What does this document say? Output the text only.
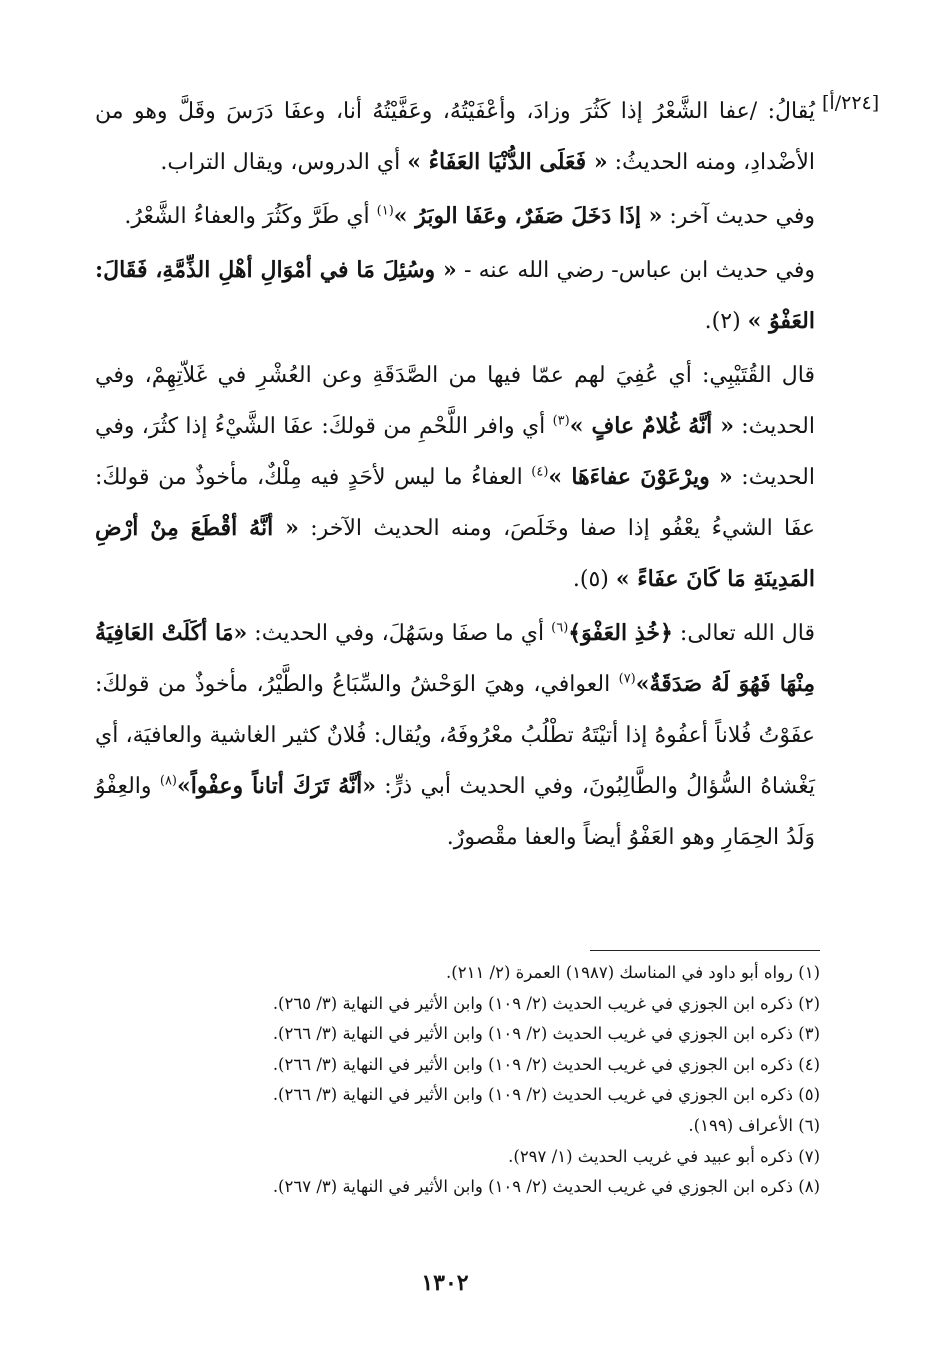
[٢٢٤/أ]

يُقالُ: /عفا الشَّعْرُ إذا كَثُرَ وزادَ، وأعْفَيْتُهُ، وعَفَّيْتُهُ أنا، وعفَا دَرَسَ وقَلَّ وهو من الأضْدادِ، ومنه الحديثُ: « فَعَلَى الدُّنْيَا العَفَاءُ » أي الدروس، ويقال التراب.

وفي حديث آخر: « إذَا دَخَلَ صَفَرٌ، وعَفَا الوبَرُ »$^{(١)}$ أي طَرَّ وكَثُرَ والعفاءُ الشَّعْرُ.

وفي حديث ابن عباس- رضي الله عنه - « وسُئِلَ مَا في أمْوَالِ أهْلِ الذِّمَّةِ، فَقَالَ: العَفْوُ » (٢).

قال القُتَيْبِي: أي عُفِيَ لهم عمّا فيها من الصَّدَقَةِ وعن العُشْرِ في غَلاّتِهِمْ، وفي الحديث: « أنَّهُ غُلامٌ عافٍ »$^{(٣)}$ أي وافر اللَّحْمِ من قولكَ: عفَا الشَّيْءُ إذا كثُرَ، وفي الحديث: « ويرْعَوْنَ عفاءَهَا »$^{(٤)}$ العفاءُ ما ليس لأحَدٍ فيه مِلْكٌ، مأخوذٌ من قولكَ: عفَا الشيءُ يعْفُو إذا صفا وخَلَصَ، ومنه الحديث الآخر: « أنَّهُ أقْطَعَ مِنْ أرْضِ المَدِينَةِ مَا كَانَ عفَاءً » (٥).

قال الله تعالى: ﴿خُذِ العَفْوَ﴾$^{(٦)}$ أي ما صفَا وسَهُلَ، وفي الحديث: «مَا أكَلَتْ العَافِيَةُ مِنْهَا فَهُوَ لَهُ صَدَقَةٌ»$^{(٧)}$ العوافي، وهيَ الوَحْشُ والسِّبَاعُ والطَّيْرُ، مأخوذٌ من قولكَ: عفَوْتُ فُلاناً أعفُوهُ إذا أتيْتَهُ تطْلُبُ معْرُوفَهُ، ويُقال: فُلانٌ كثير الغاشية والعافيَة، أي يَغْشاهُ السُّؤالُ والطَّالِبُونَ، وفي الحديث أبي ذرٍّ: «أنَّهُ تَرَكَ أتاناً وعفْواً»$^{(٨)}$ والعِفْوُ وَلَدُ الحِمَارِ وهو العَفْوُ أيضاً والعفا مقْصورٌ.

(١) رواه أبو داود في المناسك (١٩٨٧) العمرة (٢/ ٢١١).
(٢) ذكره ابن الجوزي في غريب الحديث (٢/ ١٠٩) وابن الأثير في النهاية (٣/ ٢٦٥).
(٣) ذكره ابن الجوزي في غريب الحديث (٢/ ١٠٩) وابن الأثير في النهاية (٣/ ٢٦٦).
(٤) ذكره ابن الجوزي في غريب الحديث (٢/ ١٠٩) وابن الأثير في النهاية (٣/ ٢٦٦).
(٥) ذكره ابن الجوزي في غريب الحديث (٢/ ١٠٩) وابن الأثير في النهاية (٣/ ٢٦٦).
(٦) الأعراف (١٩٩).
(٧) ذكره أبو عبيد في غريب الحديث (١/ ٢٩٧).
(٨) ذكره ابن الجوزي في غريب الحديث (٢/ ١٠٩) وابن الأثير في النهاية (٣/ ٢٦٧).
١٣٠٢
